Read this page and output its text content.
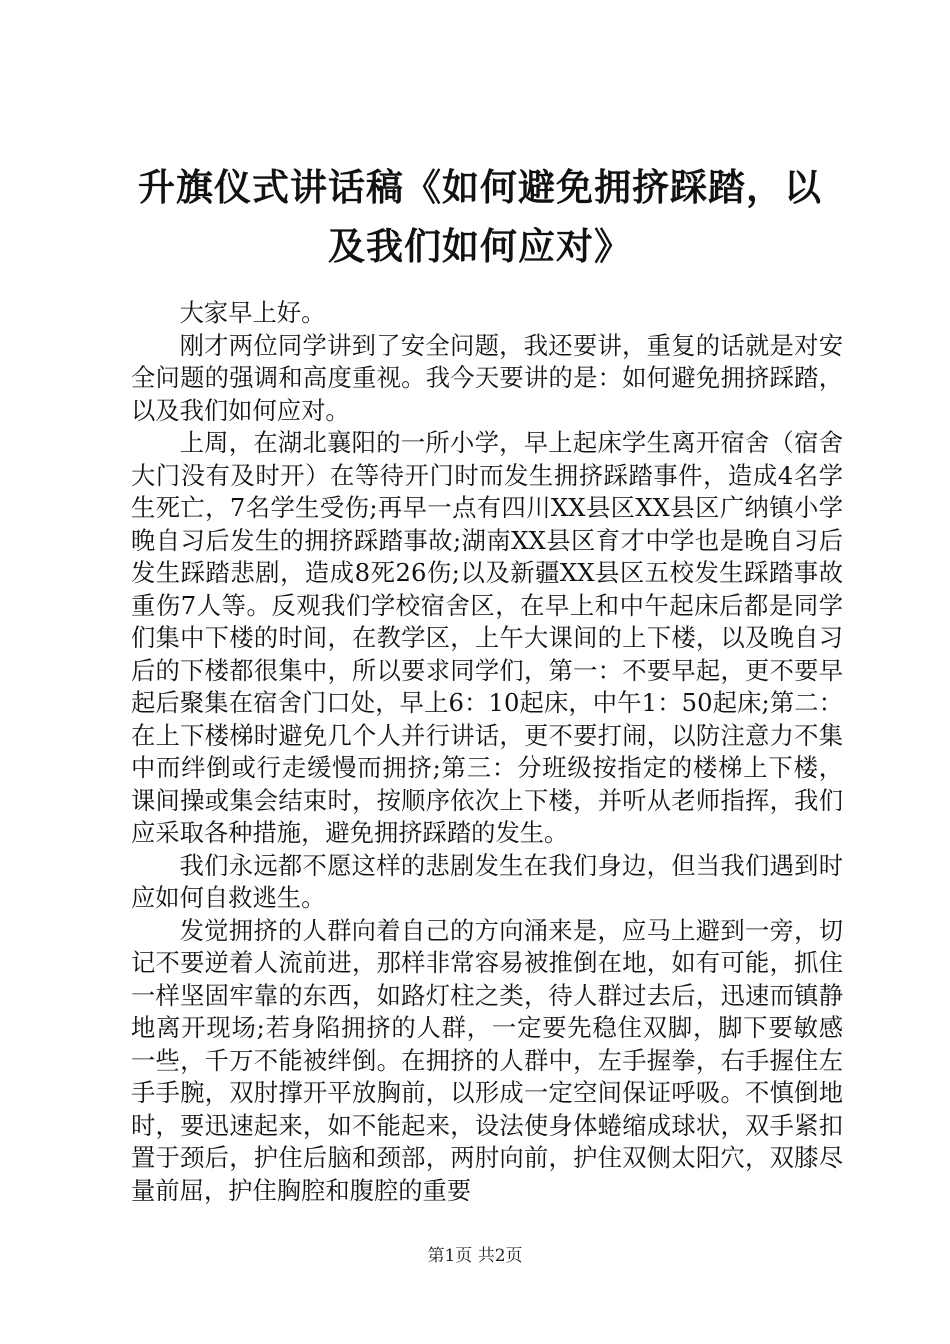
升旗仪式讲话稿《如何避免拥挤踩踏，以及我们如何应对》

大家早上好。

刚才两位同学讲到了安全问题，我还要讲，重复的话就是对安全问题的强调和高度重视。我今天要讲的是：如何避免拥挤踩踏，以及我们如何应对。

上周，在湖北襄阳的一所小学，早上起床学生离开宿舍（宿舍大门没有及时开）在等待开门时而发生拥挤踩踏事件，造成4名学生死亡，7名学生受伤;再早一点有四川XX县区XX县区广纳镇小学晚自习后发生的拥挤踩踏事故;湖南XX县区育才中学也是晚自习后发生踩踏悲剧，造成8死26伤;以及新疆XX县区五校发生踩踏事故重伤7人等。反观我们学校宿舍区，在早上和中午起床后都是同学们集中下楼的时间，在教学区，上午大课间的上下楼，以及晚自习后的下楼都很集中，所以要求同学们，第一：不要早起，更不要早起后聚集在宿舍门口处，早上6：10起床，中午1：50起床;第二：在上下楼梯时避免几个人并行讲话，更不要打闹，以防注意力不集中而绊倒或行走缓慢而拥挤;第三：分班级按指定的楼梯上下楼，课间操或集会结束时，按顺序依次上下楼，并听从老师指挥，我们应采取各种措施，避免拥挤踩踏的发生。

我们永远都不愿这样的悲剧发生在我们身边，但当我们遇到时应如何自救逃生。

发觉拥挤的人群向着自己的方向涌来是，应马上避到一旁，切记不要逆着人流前进，那样非常容易被推倒在地，如有可能，抓住一样坚固牢靠的东西，如路灯柱之类，待人群过去后，迅速而镇静地离开现场;若身陷拥挤的人群，一定要先稳住双脚，脚下要敏感一些，千万不能被绊倒。在拥挤的人群中，左手握拳，右手握住左手手腕，双肘撑开平放胸前，以形成一定空间保证呼吸。不慎倒地时，要迅速起来，如不能起来，设法使身体蜷缩成球状，双手紧扣置于颈后，护住后脑和颈部，两肘向前，护住双侧太阳穴，双膝尽量前屈，护住胸腔和腹腔的重要

第1页 共2页
